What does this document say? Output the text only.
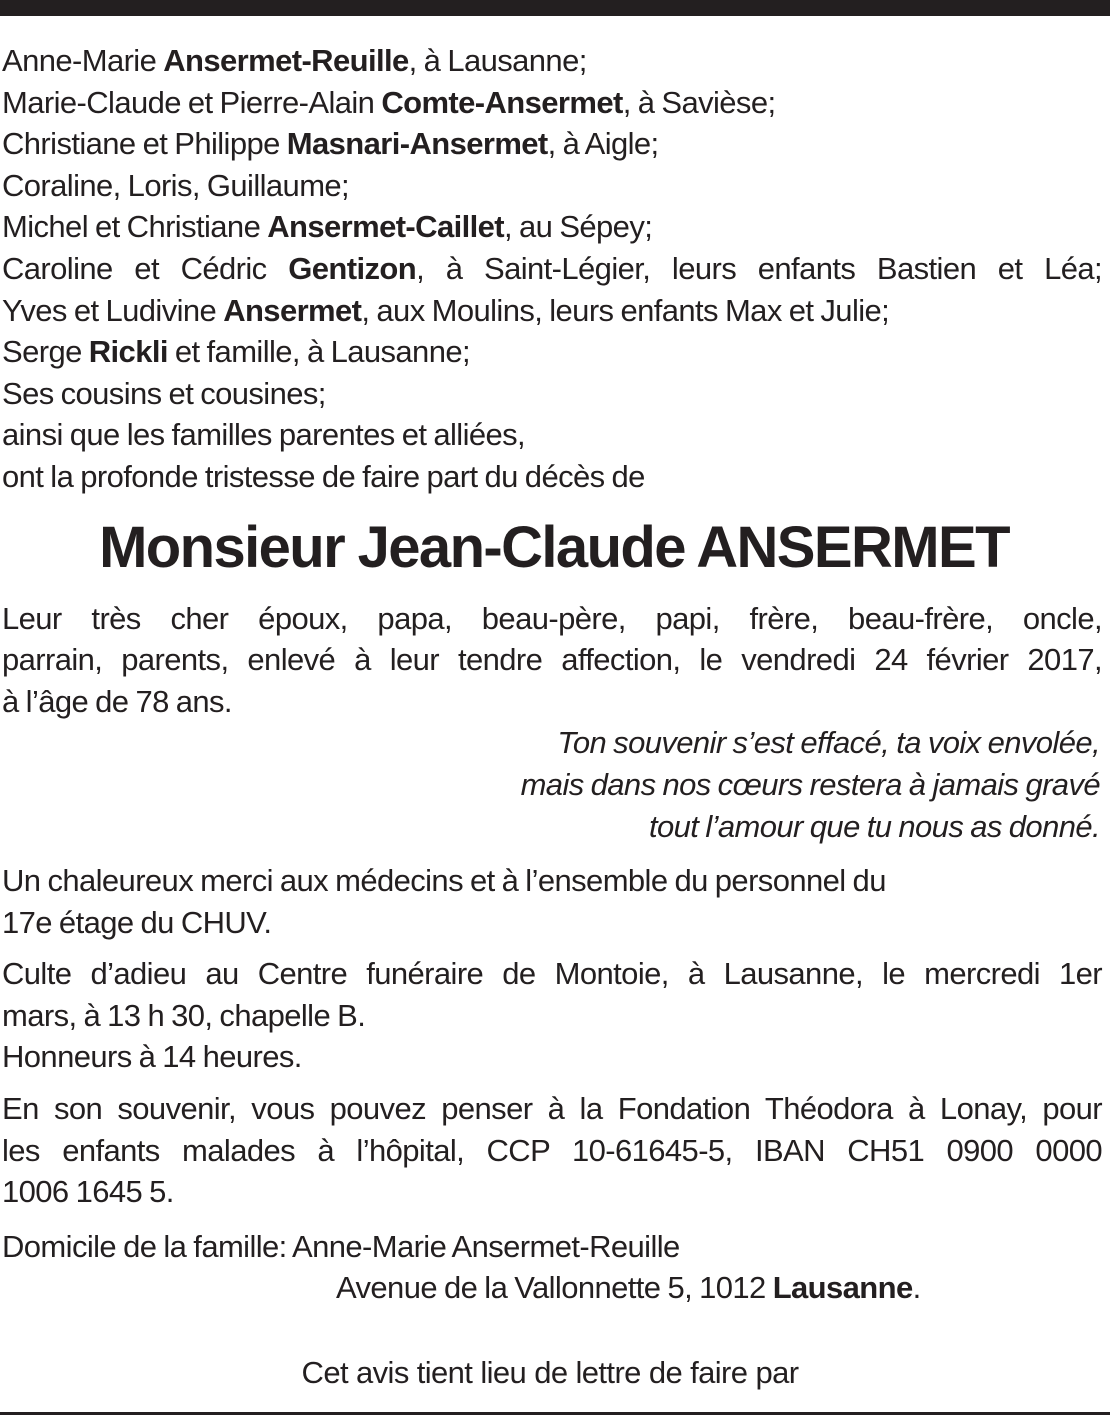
Anne-Marie Ansermet-Reuille, à Lausanne;
Marie-Claude et Pierre-Alain Comte-Ansermet, à Savièse;
Christiane et Philippe Masnari-Ansermet, à Aigle;
Coraline, Loris, Guillaume;
Michel et Christiane Ansermet-Caillet, au Sépey;
Caroline et Cédric Gentizon, à Saint-Légier, leurs enfants Bastien et Léa;
Yves et Ludivine Ansermet, aux Moulins, leurs enfants Max et Julie;
Serge Rickli et famille, à Lausanne;
Ses cousins et cousines;
ainsi que les familles parentes et alliées,
ont la profonde tristesse de faire part du décès de
Monsieur Jean-Claude ANSERMET
Leur très cher époux, papa, beau-père, papi, frère, beau-frère, oncle,
parrain, parents, enlevé à leur tendre affection, le vendredi 24 février 2017,
à l’âge de 78 ans.
Ton souvenir s’est effacé, ta voix envolée,
mais dans nos cœurs restera à jamais gravé
tout l’amour que tu nous as donné.
Un chaleureux merci aux médecins et à l’ensemble du personnel du
17e étage du CHUV.
Culte d’adieu au Centre funéraire de Montoie, à Lausanne, le mercredi 1er
mars, à 13 h 30, chapelle B.
Honneurs à 14 heures.
En son souvenir, vous pouvez penser à la Fondation Théodora à Lonay, pour
les enfants malades à l’hôpital, CCP 10-61645-5, IBAN CH51 0900 0000
1006 1645 5.
Domicile de la famille: Anne-Marie Ansermet-Reuille
Avenue de la Vallonnette 5, 1012 Lausanne.
Cet avis tient lieu de lettre de faire par
